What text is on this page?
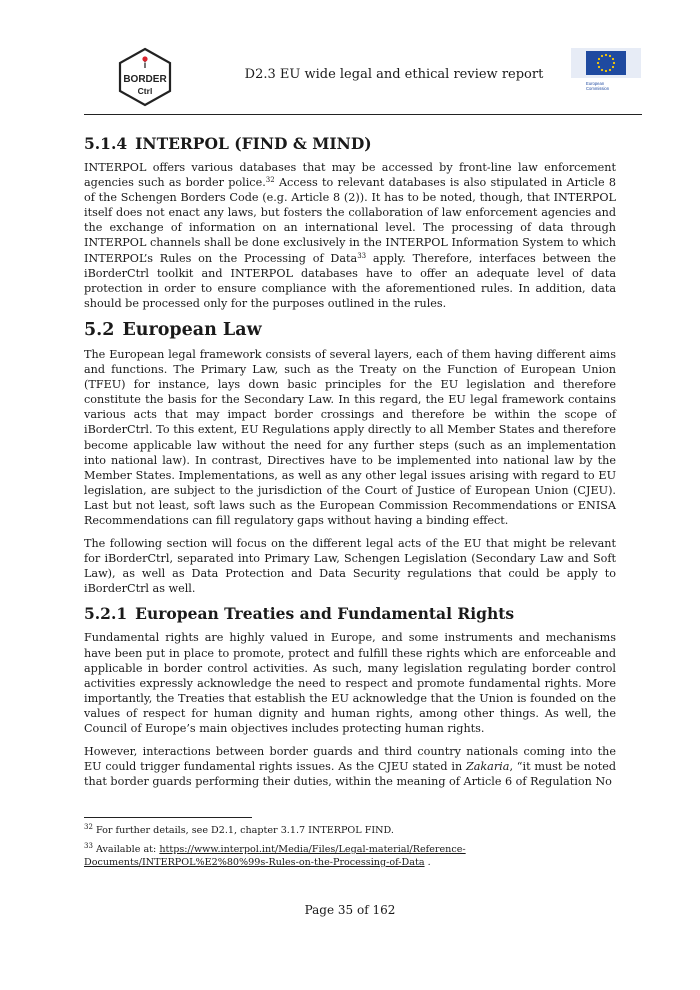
i
BORDER
Ctrl
D2.3 EU wide legal and ethical review report
European
Commission
5.1.4 INTERPOL (FIND & MIND)

INTERPOL offers various databases that may be accessed by front-line law enforcement agencies such as border police.$^{32}$ Access to relevant databases is also stipulated in Article 8 of the Schengen Borders Code (e.g. Article 8 (2)). It has to be noted, though, that INTERPOL itself does not enact any laws, but fosters the collaboration of law enforcement agencies and the exchange of information on an international level. The processing of data through INTERPOL channels shall be done exclusively in the INTERPOL Information System to which INTERPOL’s Rules on the Processing of Data$^{33}$ apply. Therefore, interfaces between the iBorderCtrl toolkit and INTERPOL databases have to offer an adequate level of data protection in order to ensure compliance with the aforementioned rules. In addition, data should be processed only for the purposes outlined in the rules.

5.2 European Law

The European legal framework consists of several layers, each of them having different aims and functions. The Primary Law, such as the Treaty on the Function of European Union (TFEU) for instance, lays down basic principles for the EU legislation and therefore constitute the basis for the Secondary Law. In this regard, the EU legal framework contains various acts that may impact border crossings and therefore be within the scope of iBorderCtrl. To this extent, EU Regulations apply directly to all Member States and therefore become applicable law without the need for any further steps (such as an implementation into national law). In contrast, Directives have to be implemented into national law by the Member States. Implementations, as well as any other legal issues arising with regard to EU legislation, are subject to the jurisdiction of the Court of Justice of European Union (CJEU). Last but not least, soft laws such as the European Commission Recommendations or ENISA Recommendations can fill regulatory gaps without having a binding effect.

The following section will focus on the different legal acts of the EU that might be relevant for iBorderCtrl, separated into Primary Law, Schengen Legislation (Secondary Law and Soft Law), as well as Data Protection and Data Security regulations that could be apply to iBorderCtrl as well.

5.2.1 European Treaties and Fundamental Rights

Fundamental rights are highly valued in Europe, and some instruments and mechanisms have been put in place to promote, protect and fulfill these rights which are enforceable and applicable in border control activities. As such, many legislation regulating border control activities expressly acknowledge the need to respect and promote fundamental rights. More importantly, the Treaties that establish the EU acknowledge that the Union is founded on the values of respect for human dignity and human rights, among other things. As well, the Council of Europe’s main objectives includes protecting human rights.

However, interactions between border guards and third country nationals coming into the EU could trigger fundamental rights issues. As the CJEU stated in Zakaria, “it must be noted that border guards performing their duties, within the meaning of Article 6 of Regulation No

$^{32}$ For further details, see D2.1, chapter 3.1.7 INTERPOL FIND.
$^{33}$ Available at: https://www.interpol.int/Media/Files/Legal-material/Reference-
Documents/INTERPOL%E2%80%99s-Rules-on-the-Processing-of-Data .
Page 35 of 162
